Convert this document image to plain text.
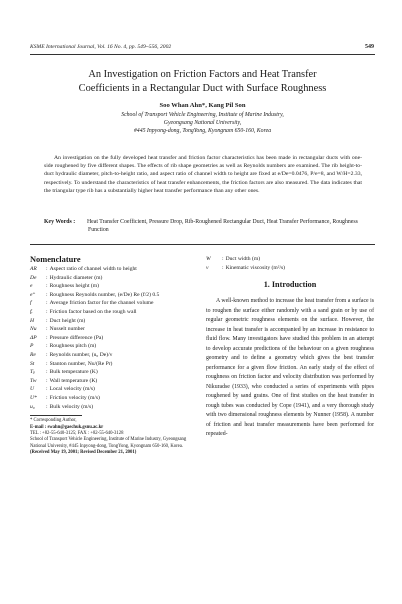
KSME International Journal, Vol. 16 No. 4, pp. 549~556, 2002	549
An Investigation on Friction Factors and Heat Transfer
Coefficients in a Rectangular Duct with Surface Roughness
Soo Whan Ahn*, Kang Pil Son
School of Transport Vehicle Engineering, Institute of Marine Industry,
Gyeongsang National University,
#445 Inpyong-dong, TongYong, Kyongnam 650-160, Korea

An investigation on the fully developed heat transfer and friction factor characteristics has been made in rectangular ducts with one-side roughened by five different shapes. The effects of rib shape geometries as well as Reynolds numbers are examined. The rib height-to-duct hydraulic diameter, pitch-to-height ratio, and aspect ratio of channel width to height are fixed at e/De=0.0476, P/e=8, and W/H=2.33, respectively. To understand the characteristics of heat transfer enhancements, the friction factors are also measured. The data indicates that the triangular type rib has a substantially higher heat transfer performance than any other ones.

Key Words :	Heat Transfer Coefficient, Pressure Drop, Rib-Roughened Rectangular Duct, Heat Transfer Performance, Roughness Function
Nomenclature
AR	: Aspect ratio of channel width to height
De	: Hydraulic diameter (m)
e	: Roughness height (m)
e⁺	: Roughness Reynolds number, (e/De) Re (f/2) 0.5
f	: Average friction factor for the channel volume
fᵣ	: Friction factor based on the rough wall
H	: Duct height (m)
Nu	: Nusselt number
ΔP	: Pressure difference (Pa)
P	: Roughness pitch (m)
Re	: Reynolds number, (u₀ De)/ν
St	: Stanton number, Nu/(Re Pr)
Tᵦ	: Bulk temperature (K)
Tw	: Wall temperature (K)
U	: Local velocity (m/s)
U*	: Friction velocity (m/s)
u₀	: Bulk velocity (m/s)
* Corresponding Author,
E-mail : swahn@gaechuk.gsnu.ac.kr
TEL : +82-55-640-3125; FAX : +82-55-640-3128
School of Transport Vehicle Engineering, Institute of Marine Industry, Gyeongsang National University, #445 Inpyong-dong, TongYong, Kyongnam 650-160, Korea.
(Received May 19, 2001; Revised December 21, 2001)
W	: Duct width (m)
ν	: Kinematic viscosity (m²/s)
1. Introduction

A well-known method to increase the heat transfer from a surface is to roughen the surface either randomly with a sand grain or by use of regular geometric roughness elements on the surface. However, the increase in heat transfer is accompanied by an increase in resistance to fluid flow. Many investigators have studied this problem in an attempt to develop accurate predictions of the behaviour on a given roughness geometry and to define a geometry which gives the best transfer performance for a given flow friction. An early study of the effect of roughness on friction factor and velocity distribution was performed by Nikuradse (1933), who conducted a series of experiments with pipes roughened by sand grains. One of first studies on the heat transfer in rough tubes was conducted by Cope (1941), and a very thorough study with two dimensional roughness elements by Nunner (1958). A number of friction and heat transfer measurements have been performed for repeated-
